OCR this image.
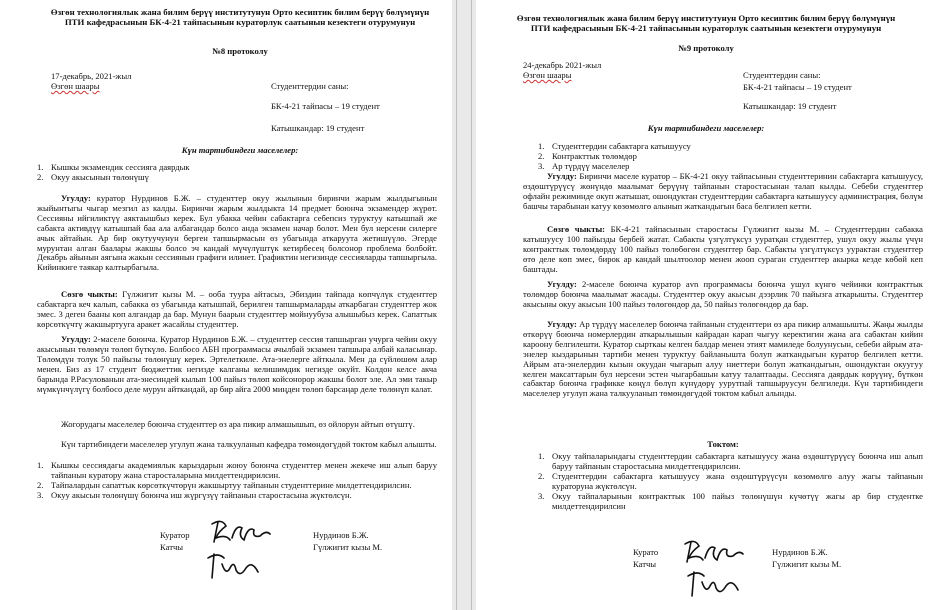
Өзгөн технологиялык жана билим берүү институтунун Орто кесиптик билим берүү бөлүмүнүн ПТИ кафедрасынын БК-4-21 тайпасынын кураторлук саатынын кезектеги отурумунун

№8 протоколу

17-декабрь, 2021-жыл

Өзгөн шаары	Студенттердин саны:

БК-4-21 тайпасы – 19 студент

Катышкандар: 19 студент

Күн тартибиндеги маселелер:

1. Кышкы экзамендик сессияга даярдык
2. Окуу акысынын төлөнүшү

Угулду: куратор Нурдинов Б.Ж. – студенттер окуу жылынын биринчи жарым жылдыгынын жыйынтыгы чыгар мезгил аз калды. Биринчи жарым жылдыкта 14 предмет боюнча экзамендер жүрөт. Сессияны ийгиликтүү аяктаышбыз керек. Бул убакка чейин сабактарга себепсиз туруктуу катышпай же сабакта активдүү катышпай баа ала албагандар болсо анда экзамен начар болот. Мен бул нерсени силерге ачык айтайын. Ар бир окутуучунун берген тапшырмасын өз убагында аткаруута жетишүүлө. Эгерде мурунтан алган баалары жакшы болсо эч кандай мүчүлүштүк кетирбесең болсонор проблема болбойт. Декабрь айынын аягына жакын сессиянын графиги илинет. Графиктин негизинде сессияларды тапшыргыла. Кийинкиге таякар калтырбагыла.

Сөзгө чыкты: Гүлжигит кызы М. – ооба туура айтасыз, Эбиздин тайпада көпчүлүк студенттер сабактарга кеч калып, сабакка өз убагында катышпай, берилген тапшырмаларды аткарбаган студенттер жок эмес. 3 деген бааны көп алгандар да бар. Мунун баарын студенттер мойнуубуза алышыбыз керек. Сапаттык көрсөткүчтү жакшыртууга аракет жасайлы студенттер.

Угулду: 2-маселе боюнча. Куратор Нурдинов Б.Ж. – студенттер сессия тапшырган учурга чейин окуу акысынын төлөмүн төлөп бүткүлө. Болбосо АБН программасы ачылбай экзамен тапшыра албай каласынар. Төлөмдүн толук 50 пайызы төлөнүшү керек. Эртелеткиле. Ата-энелерге айткыла. Мен да сүйлөшөм алар менен. Биз аз 17 студент бюджеттик негизде калганы келишимдик негизде окуйт. Колдон келсе акча барында Р.Расулованын ата-энесиндей кылып 100 пайыз төлөп койсонорор жакшы болот эле. Ал эми такыр мүмкүнчүлүгү болбосо деле мурун айткандай, ар бир айга 2000 миңден төлөп барсаңар деле төлөнүп калат.

Жогорудагы маселелер боюнча студенттер өз ара пикир алмашышып, өз ойлорун айтып өтүштү.

Күн тартибиндеги маселелер угулуп жана талкууланып кафедра төмөндөгүдөй токтом кабыл алышты.

1. Кышкы сессиядагы академиялык карыздарын жоюу боюнча студенттер менен жекече иш алып баруу тайпанын куратору жана старосталарына милдеттендирилсин.
2. Тайпалардын сапаттык көрсөткүчтөрүн жакшыртуу тайпанын студенттерине милдеттендирилсин.
3. Окуу акысын төлөнүшү боюнча иш жүргүзүү тайпанын старостасына жүктөлсүн.

Куратор

Катчы

Нурдинов Б.Ж.

Гүлжигит кызы М.

Өзгөн технологиялык жана билим берүү институтунун Орто кесиптик билим берүү бөлүмүнүн ПТИ кафедрасынын БК-4-21 тайпасынын кураторлук саатынын кезектеги отурумунун

№9 протоколу

24-декабрь 2021-жыл

Өзгөн шаары	Студенттердин саны:

БК-4-21 тайпасы – 19 студент

Катышкандар: 19 студент

Күн тартибиндеги маселелер:

1. Студенттердин сабактарга катышуусу
2. Контракттык төлөмдөр
3. Ар түрдүү маселелер

Угулду: Биринчи маселе куратор – БК-4-21 окуу тайпасынын студенттеринин сабактарга катышуусу, өздөштүрүүсү жөнүндө маалымат берүүнү тайпанын старостасынан талап кылды. Себеби студенттер офлайн режиминде окуп жатышат, ошондуктан студенттердин сабактарга катышуусу администрация, бөлүм башчы тарабынан катуу көзөмөлгө алынып жаткандыгын баса белгилеп кетти.

Сөзгө чыкты: БК-4-21 тайпасынын старостасы Гүлжигит кызы М. – Студенттердин сабакка катышуусу 100 пайызды бербей жатат. Сабакты үзгүлтүксүз ууратқан студенттер, ушул окуу жылы үчүн контракттык төлөмдөрдү 100 пайыз төлөбөгөн студенттер бар. Сабакты үзгүлтүксүз уурактан студенттер өтө деле көп эмес, бирок ар кандай шылтоолор менен жооп сураган студенттер акырка кезде көбөй кеп баштады.

Угулду: 2-маселе боюнча куратор avn программасы боюнча ушул күнгө чейинки контракттык төлөмдөр боюнча маалымат жасады. Студенттер окуу акысын дээрлик 70 пайызга аткарышты. Студенттер акысыны окуу акысын 100 пайыз төлөгөндөр да, 50 пайыз төлөгөндөр да бар.

Угулду: Ар түрдүү маселелер боюнча тайпанын студенттери өз ара пикир алмашышты. Жаңы жылды өткөрүү боюнча номерлердин аткарылышын кайрадан карап чыгуу керектигин жана ага сабактан кийин кароону белгилешти. Куратор сырткаы келген балдар менен этият мамиледе болуунусын, себеби айрым ата-энелер кыздарынын тартиби менен туруктуу байланышта болуп жаткандыгын куратор белгилеп кетти. Айрым ата-энелердин кызын окуудан чыгарып алуу ниеттери болуп жаткандыгын, ошондуктан окуугуу келген максаттарын бул нерсени эстен чыгарбашын катуу талаптаады. Сессияга даярдык көрүүнү, бүткөн сабактар боюнча графикке көңүл бөлүп күнүдөрү уурутпай тапшыруусун белгиледи. Күн тартибиндеги маселелер угулуп жана талкууланып төмөндөгүдөй токтом кабыл алынды.

Токтом:

1. Окуу тайпаларындагы студенттердин сабактарга катышуусу жана өздөштүрүүсү боюнча иш алып баруу тайпанын старостасына милдеттендирилсин.
2. Студенттердин сабактарга катышуусу жана өздөштүрүүсүн көзөмөлгө алуу жагы тайпанын кураторуна жүктөлсүн.
3. Окуу тайпаларынын контракттык 100 пайыз төлөнүшүн күчөтүү жагы ар бир студентке милдеттендирилсин

Курато

Катчы

Нурдинов Б.Ж.

Гүлжигит кызы М.
